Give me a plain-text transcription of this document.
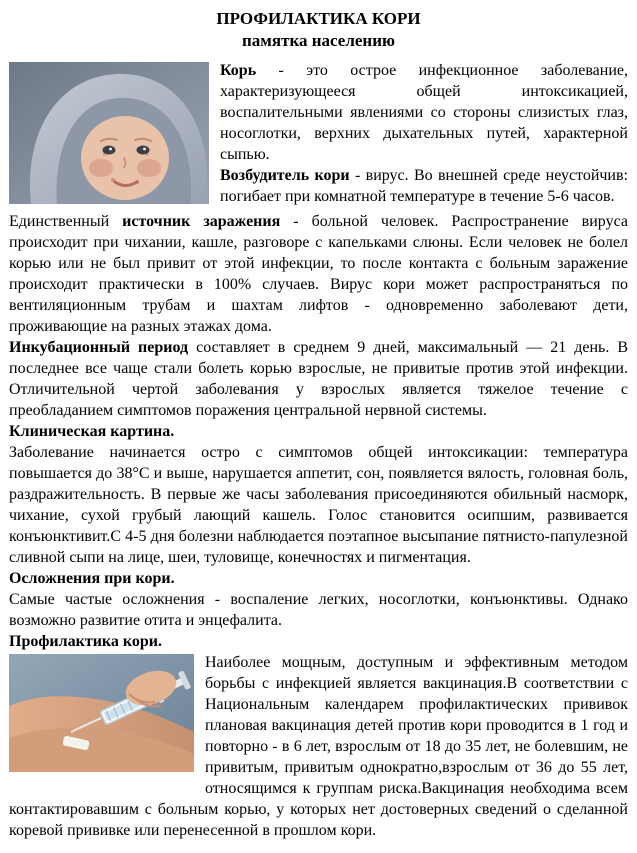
ПРОФИЛАКТИКА КОРИ
памятка населению

Корь - это острое инфекционное заболевание, характеризующееся общей интоксикацией, воспалительными явлениями со стороны слизистых глаз, носоглотки, верхних дыхательных путей, характерной сыпью.

Возбудитель кори - вирус. Во внешней среде неустойчив: погибает при комнатной температуре в течение 5-6 часов.

Единственный источник заражения - больной человек. Распространение вируса происходит при чихании, кашле, разговоре с капельками слюны. Если человек не болел корью или не был привит от этой инфекции, то после контакта с больным заражение происходит практически в 100% случаев. Вирус кори может распространяться по вентиляционным трубам и шахтам лифтов - одновременно заболевают дети, проживающие на разных этажах дома.

Инкубационный период составляет в среднем 9 дней, максимальный — 21 день. В последнее все чаще стали болеть корью взрослые, не привитые против этой инфекции. Отличительной чертой заболевания у взрослых является тяжелое течение с преобладанием симптомов поражения центральной нервной системы.

Клиническая картина.

Заболевание начинается остро с симптомов общей интоксикации: температура повышается до 38°С и выше, нарушается аппетит, сон, появляется вялость, головная боль, раздражительность. В первые же часы заболевания присоединяются обильный насморк, чихание, сухой грубый лающий кашель. Голос становится осипшим, развивается конъюнктивит.С 4-5 дня болезни наблюдается поэтапное высыпание пятнисто-папулезной сливной сыпи на лице, шеи, туловище, конечностях и пигментация.

Осложнения при кори.

Самые частые осложнения - воспаление легких, носоглотки, конъюнктивы. Однако возможно развитие отита и энцефалита.

Профилактика кори.

Наиболее мощным, доступным и эффективным методом борьбы с инфекцией является вакцинация.В соответствии с Национальным календарем профилактических прививок плановая вакцинация детей против кори проводится в 1 год и повторно - в 6 лет, взрослым от 18 до 35 лет, не болевшим, не привитым, привитым однократно,взрослым от 36 до 55 лет, относящимся к группам риска.Вакцинация необходима всем контактировавшим с больным корью, у которых нет достоверных сведений о сделанной коревой прививке или перенесенной в прошлом кори.
